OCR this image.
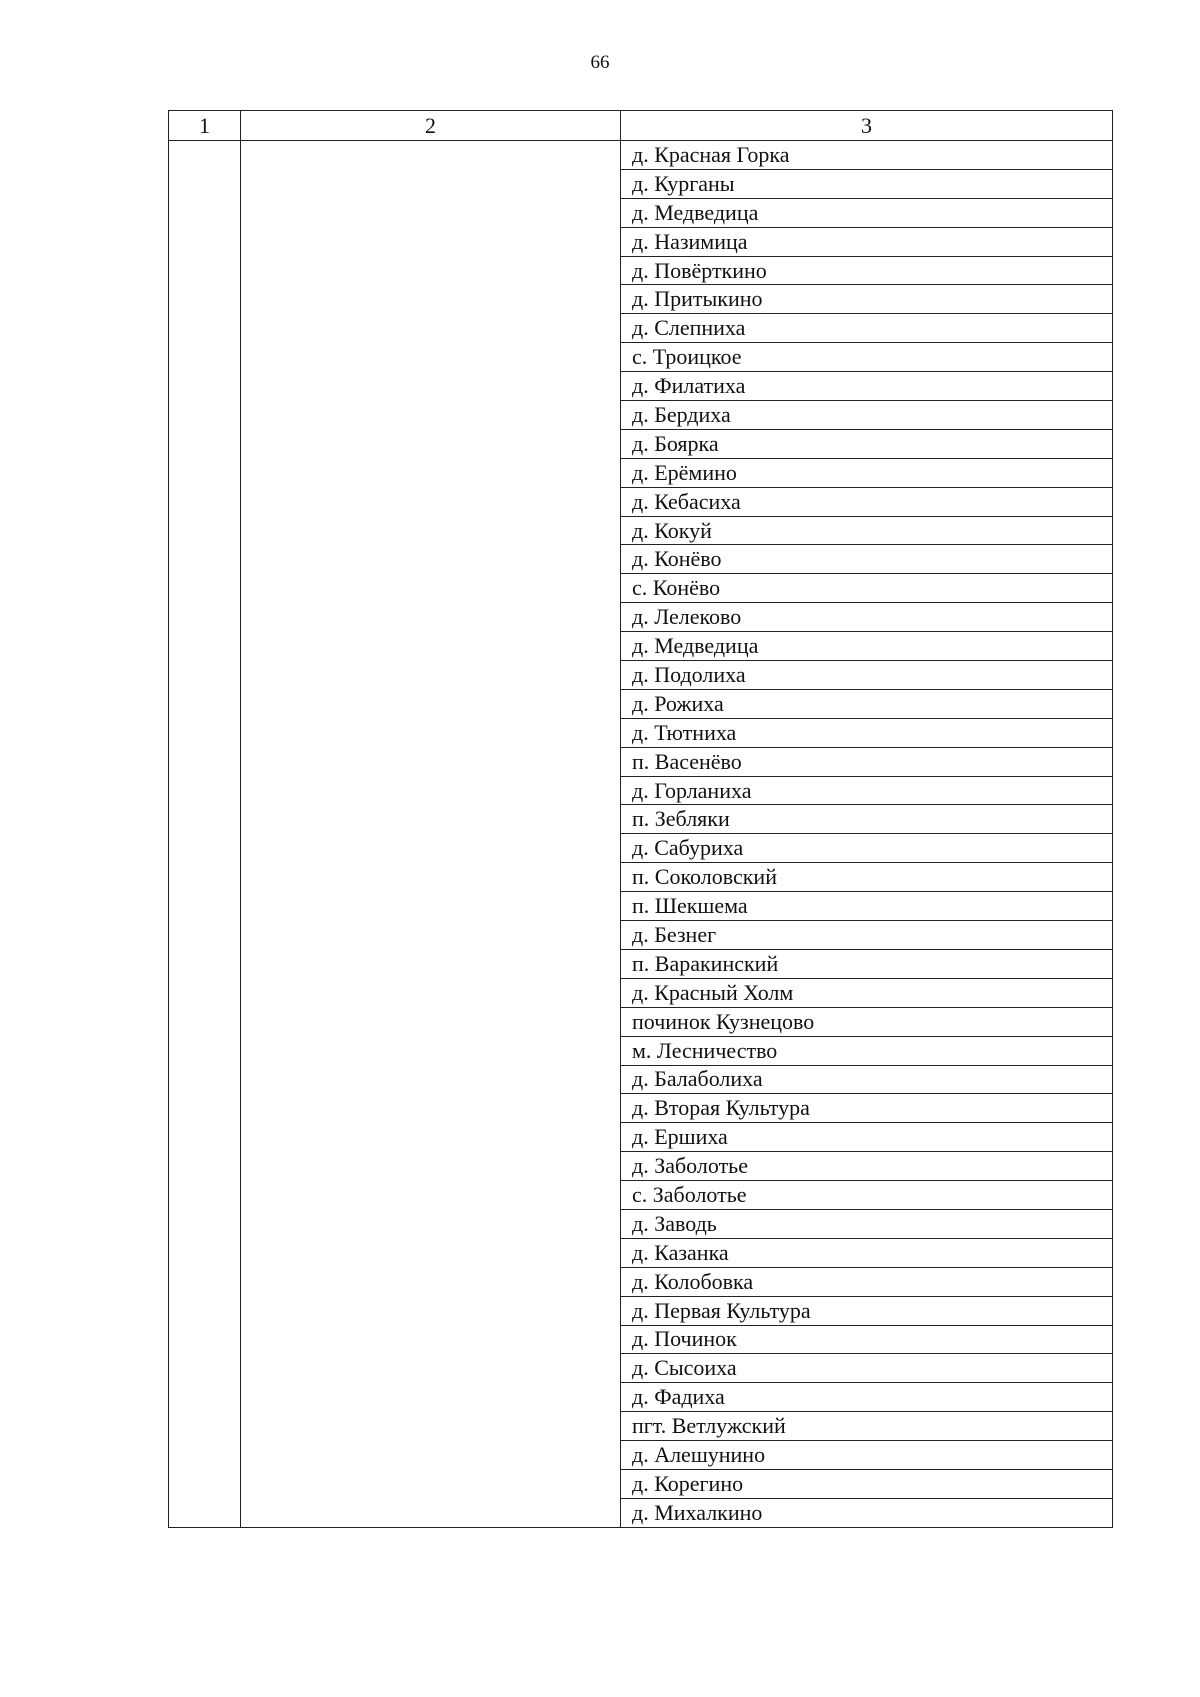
66
1	2	3
		д. Красная Горка
		д. Курганы
		д. Медведица
		д. Назимица
		д. Повёрткино
		д. Притыкино
		д. Слепниха
		с. Троицкое
		д. Филатиха
		д. Бердиха
		д. Боярка
		д. Ерёмино
		д. Кебасиха
		д. Кокуй
		д. Конёво
		с. Конёво
		д. Лелеково
		д. Медведица
		д. Подолиха
		д. Рожиха
		д. Тютниха
		п. Васенёво
		д. Горланиха
		п. Зебляки
		д. Сабуриха
		п. Соколовский
		п. Шекшема
		д. Безнег
		п. Варакинский
		д. Красный Холм
		починок Кузнецово
		м. Лесничество
		д. Балаболиха
		д. Вторая Культура
		д. Ершиха
		д. Заболотье
		с. Заболотье
		д. Заводь
		д. Казанка
		д. Колобовка
		д. Первая Культура
		д. Починок
		д. Сысоиха
		д. Фадиха
		пгт. Ветлужский
		д. Алешунино
		д. Корегино
		д. Михалкино
